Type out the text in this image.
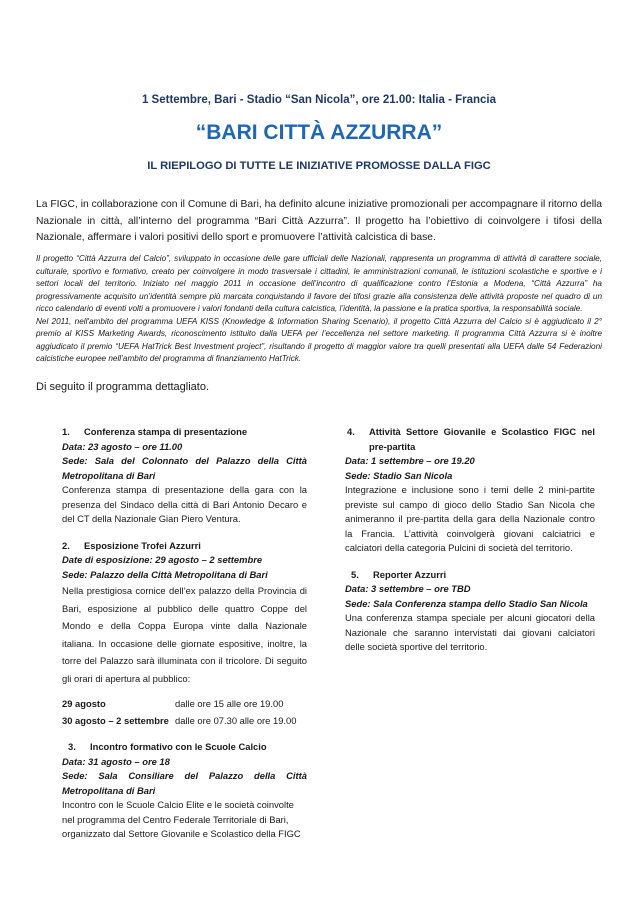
1 Settembre, Bari - Stadio “San Nicola”, ore 21.00: Italia - Francia
“BARI CITTÀ AZZURRA”
IL RIEPILOGO DI TUTTE LE INIZIATIVE PROMOSSE DALLA FIGC

La FIGC, in collaborazione con il Comune di Bari, ha definito alcune iniziative promozionali per accompagnare il ritorno della Nazionale in città, all’interno del programma “Bari Città Azzurra”. Il progetto ha l’obiettivo di coinvolgere i tifosi della Nazionale, affermare i valori positivi dello sport e promuovere l’attività calcistica di base.

Il progetto “Città Azzurra del Calcio”, sviluppato in occasione delle gare ufficiali delle Nazionali, rappresenta un programma di attività di carattere sociale, culturale, sportivo e formativo, creato per coinvolgere in modo trasversale i cittadini, le amministrazioni comunali, le istituzioni scolastiche e sportive e i settori locali del territorio. Iniziato nel maggio 2011 in occasione dell’incontro di qualificazione contro l’Estonia a Modena, “Città Azzurra” ha progressivamente acquisito un’identità sempre più marcata conquistando il favore dei tifosi grazie alla consistenza delle attività proposte nel quadro di un ricco calendario di eventi volti a promuovere i valori fondanti della cultura calcistica, l’identità, la passione e la pratica sportiva, la responsabilità sociale.

Nel 2011, nell'ambito del programma UEFA KISS (Knowledge & Information Sharing Scenario), il progetto Città Azzurra del Calcio si è aggiudicato il 2° premio al KISS Marketing Awards, riconoscimento istituito dalla UEFA per l’eccellenza nel settore marketing. Il programma Città Azzurra si è inoltre aggiudicato il premio “UEFA HatTrick Best Investment project”, risultando il progetto di maggior valore tra quelli presentati alla UEFA dalle 54 Federazioni calcistiche europee nell’ambito del programma di finanziamento HatTrick.

Di seguito il programma dettagliato.

1. Conferenza stampa di presentazione

Data: 23 agosto – ore 11.00

Sede: Sala del Colonnato del Palazzo della Città

Metropolitana di Bari

Conferenza stampa di presentazione della gara con la presenza del Sindaco della città di Bari Antonio Decaro e del CT della Nazionale Gian Piero Ventura.

2. Esposizione Trofei Azzurri

Date di esposizione: 29 agosto – 2 settembre

Sede: Palazzo della Città Metropolitana di Bari

Nella prestigiosa cornice dell’ex palazzo della Provincia di Bari, esposizione al pubblico delle quattro Coppe del Mondo e della Coppa Europa vinte dalla Nazionale italiana. In occasione delle giornate espositive, inoltre, la torre del Palazzo sarà illuminata con il tricolore. Di seguito gli orari di apertura al pubblico:

29 agosto	dalle ore 15 alle ore 19.00
30 agosto – 2 settembre dalle ore 07.30 alle ore 19.00

3. Incontro formativo con le Scuole Calcio

Data: 31 agosto – ore 18

Sede: Sala Consiliare del Palazzo della Città

Metropolitana di Bari

Incontro con le Scuole Calcio Elite e le società coinvolte nel programma del Centro Federale Territoriale di Bari, organizzato dal Settore Giovanile e Scolastico della FIGC

4.	Attività Settore Giovanile e Scolastico FIGC nel pre-partita

Data: 1 settembre – ore 19.20

Sede: Stadio San Nicola

Integrazione e inclusione sono i temi delle 2 mini-partite previste sul campo di gioco dello Stadio San Nicola che animeranno il pre-partita della gara della Nazionale contro la Francia. L’attività coinvolgerà giovani calciatrici e calciatori della categoria Pulcini di società del territorio.

5. Reporter Azzurri

Data: 3 settembre – ore TBD

Sede: Sala Conferenza stampa dello Stadio San Nicola

Una conferenza stampa speciale per alcuni giocatori della Nazionale che saranno intervistati dai giovani calciatori delle società sportive del territorio.
